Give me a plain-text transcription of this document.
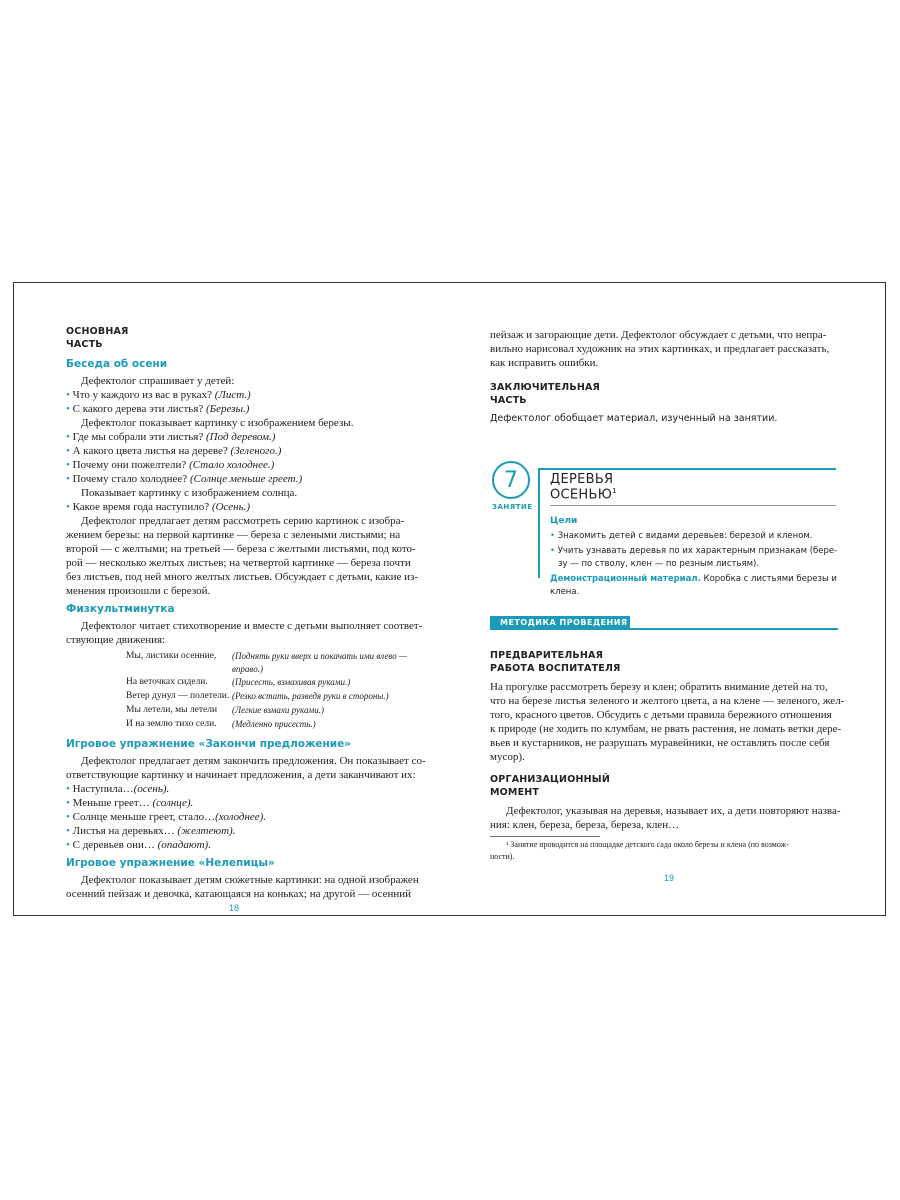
ОСНОВНАЯ
ЧАСТЬ
Беседа об осени
Дефектолог спрашивает у детей:
• Что у каждого из вас в руках? (Лист.)
• С какого дерева эти листья? (Березы.)
Дефектолог показывает картинку с изображением березы.
• Где мы собрали эти листья? (Под деревом.)
• А какого цвета листья на дереве? (Зеленого.)
• Почему они пожелтели? (Стало холоднее.)
• Почему стало холоднее? (Солнце меньше греет.)
Показывает картинку с изображением солнца.
• Какое время года наступило? (Осень.)
Дефектолог предлагает детям рассмотреть серию картинок с изобра-
жением березы: на первой картинке — береза с зелеными листьями; на
второй — с желтыми; на третьей — береза с желтыми листьями, под кото-
рой — несколько желтых листьев; на четвертой картинке — береза почти
без листьев, под ней много желтых листьев. Обсуждает с детьми, какие из-
менения произошли с березой.
Физкультминутка
Дефектолог читает стихотворение и вместе с детьми выполняет соответ-
ствующие движения:
Мы, листики осенние, (Поднять руки вверх и покачать ими влево —
вправо.)
На веточках сидели.	(Присесть, взмахивая руками.)
Ветер дунул — полетели. (Резко встать, разведя руки в стороны.)
Мы летели, мы летели (Легкие взмахи руками.)
И на землю тихо сели. (Медленно присесть.)
Игровое упражнение «Закончи предложение»
Дефектолог предлагает детям закончить предложения. Он показывает со-
ответствующие картинку и начинает предложения, а дети заканчивают их:
• Наступила…(осень).
• Меньше греет… (солнце).
• Солнце меньше греет, стало…(холоднее).
• Листья на деревьях… (желтеют).
• С деревьев они… (опадают).
Игровое упражнение «Нелепицы»
Дефектолог показывает детям сюжетные картинки: на одной изображен
осенний пейзаж и девочка, катающаяся на коньках; на другой — осенний
18
пейзаж и загорающие дети. Дефектолог обсуждает с детьми, что непра-
вильно нарисовал художник на этих картинках, и предлагает рассказать,
как исправить ошибки.
ЗАКЛЮЧИТЕЛЬНАЯ
ЧАСТЬ
Дефектолог обобщает материал, изученный на занятии.
7
ЗАНЯТИЕ
ДЕРЕВЬЯ
ОСЕНЬЮ$^1$
Цели
• Знакомить детей с видами деревьев: березой и кленом.
• Учить узнавать деревья по их характерным признакам (бере-
зу — по стволу, клен — по резным листьям).
Демонстрационный материал. Коробка с листьями березы и
клена.
МЕТОДИКА ПРОВЕДЕНИЯ
ПРЕДВАРИТЕЛЬНАЯ
РАБОТА ВОСПИТАТЕЛЯ
На прогулке рассмотреть березу и клен; обратить внимание детей на то,
что на березе листья зеленого и желтого цвета, а на клене — зеленого, жел-
того, красного цветов. Обсудить с детьми правила бережного отношения
к природе (не ходить по клумбам, не рвать растения, не ломать ветки дере-
вьев и кустарников, не разрушать муравейники, не оставлять после себя
мусор).
ОРГАНИЗАЦИОННЫЙ
МОМЕНТ
Дефектолог, указывая на деревья, называет их, а дети повторяют назва-
ния: клен, береза, береза, береза, клен…
¹ Занятие проводится на площадке детского сада около березы и клена (по возмож-
ности).
19
